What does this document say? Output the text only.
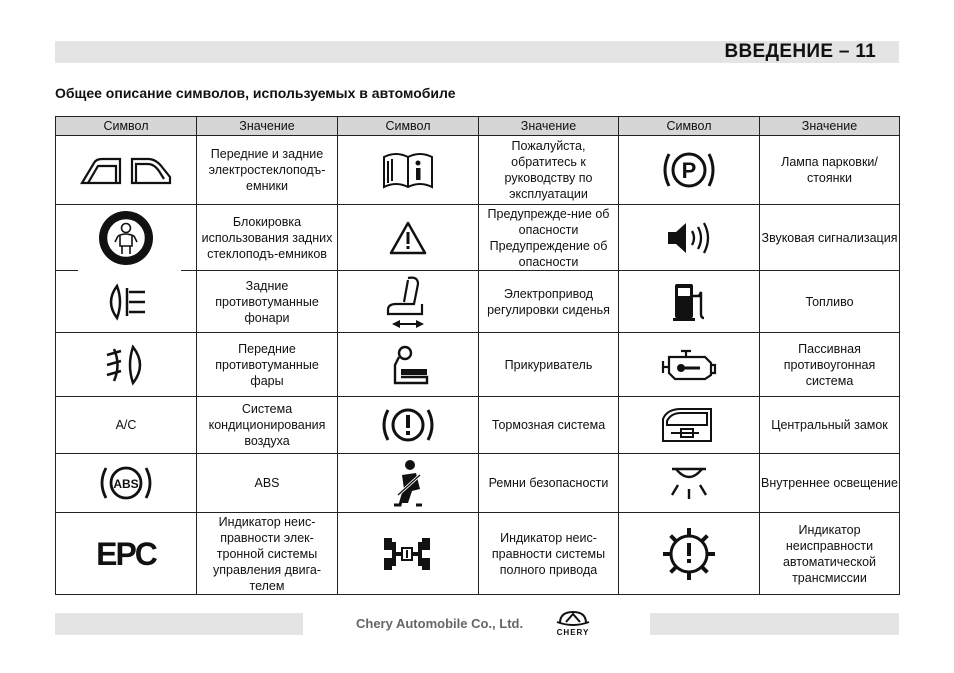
ВВЕДЕНИЕ – 11
Общее описание символов, используемых в автомобиле
Символ	Значение	Символ	Значение	Символ	Значение

	Передние и задние электростеклоподъ-емники		Пожалуйста, обратитесь к руководству по эксплуатации	P	Лампа парковки/стоянки

	Блокировка использования задних стеклоподъ-емников		Предупрежде-ние об опасности Предупреждение об опасности		Звуковая сигнализация

	Задние противотуманные фонари		Электропривод регулировки сиденья		Топливо

	Передние противотуманные фары		Прикуриватель		Пассивная противоугонная система
A/C	Система кондиционирования воздуха		Тормозная система		Центральный замок

ABS	ABS		Ремни безопасности		Внутреннее освещение
EPC	Индикатор неис-правности элек-тронной системы управления двига-телем		Индикатор неис-правности системы полного привода		Индикатор неисправности автоматической трансмиссии
Chery Automobile Co., Ltd.
CHERY
